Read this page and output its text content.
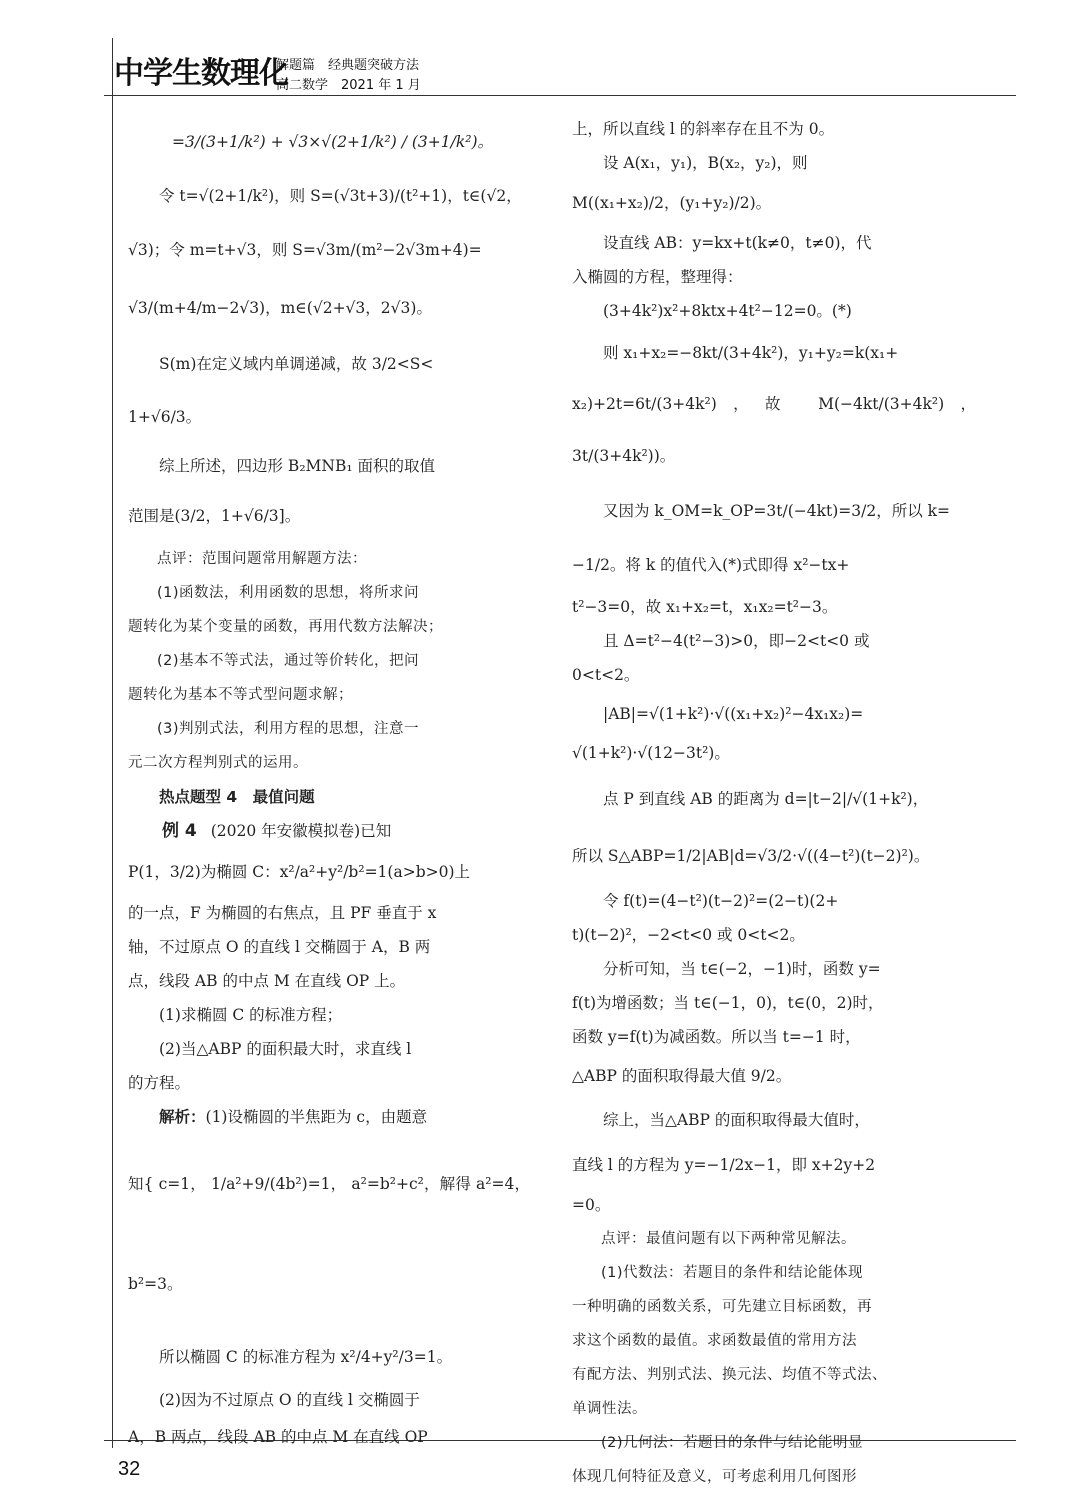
中学生数理化
解题篇　经典题突破方法
高二数学　2021 年 1 月

=3/(3+1/k²) + √3×√(2+1/k²) / (3+1/k²)。

令 t=√(2+1/k²)，则 S=(√3t+3)/(t²+1)，t∈(√2，

√3)；令 m=t+√3，则 S=√3m/(m²−2√3m+4)=

√3/(m+4/m−2√3)，m∈(√2+√3，2√3)。

S(m)在定义域内单调递减，故 3/2<S<

1+√6/3。

综上所述，四边形 B₂MNB₁ 面积的取值

范围是(3/2，1+√6/3]。

点评：范围问题常用解题方法：

(1)函数法，利用函数的思想，将所求问

题转化为某个变量的函数，再用代数方法解决；

(2)基本不等式法，通过等价转化，把问

题转化为基本不等式型问题求解；

(3)判别式法，利用方程的思想，注意一

元二次方程判别式的运用。

热点题型 4　最值问题

例 4 (2020 年安徽模拟卷)已知

P(1，3/2)为椭圆 C：x²/a²+y²/b²=1(a>b>0)上

的一点，F 为椭圆的右焦点，且 PF 垂直于 x

轴，不过原点 O 的直线 l 交椭圆于 A，B 两

点，线段 AB 的中点 M 在直线 OP 上。

(1)求椭圆 C 的标准方程；

(2)当△ABP 的面积最大时，求直线 l

的方程。

解析：(1)设椭圆的半焦距为 c，由题意

知{ c=1， 1/a²+9/(4b²)=1， a²=b²+c²，解得 a²=4，b²=3。

所以椭圆 C 的标准方程为 x²/4+y²/3=1。

(2)因为不过原点 O 的直线 l 交椭圆于

A，B 两点，线段 AB 的中点 M 在直线 OP

上，所以直线 l 的斜率存在且不为 0。

设 A(x₁，y₁)，B(x₂，y₂)，则

M((x₁+x₂)/2，(y₁+y₂)/2)。

设直线 AB：y=kx+t(k≠0，t≠0)，代

入椭圆的方程，整理得：

(3+4k²)x²+8ktx+4t²−12=0。(*)

则 x₁+x₂=−8kt/(3+4k²)，y₁+y₂=k(x₁+

x₂)+2t=6t/(3+4k²)，故 M(−4kt/(3+4k²)，3t/(3+4k²))。

又因为 k_OM=k_OP=3t/(−4kt)=3/2，所以 k=

−1/2。将 k 的值代入(*)式即得 x²−tx+

t²−3=0，故 x₁+x₂=t，x₁x₂=t²−3。

且 Δ=t²−4(t²−3)>0，即−2<t<0 或

0<t<2。

|AB|=√(1+k²)·√((x₁+x₂)²−4x₁x₂)=

√(1+k²)·√(12−3t²)。

点 P 到直线 AB 的距离为 d=|t−2|/√(1+k²)，

所以 S△ABP=1/2|AB|d=√3/2·√((4−t²)(t−2)²)。

令 f(t)=(4−t²)(t−2)²=(2−t)(2+

t)(t−2)²，−2<t<0 或 0<t<2。

分析可知，当 t∈(−2，−1)时，函数 y=

f(t)为增函数；当 t∈(−1，0)，t∈(0，2)时，

函数 y=f(t)为减函数。所以当 t=−1 时，

△ABP 的面积取得最大值 9/2。

综上，当△ABP 的面积取得最大值时，

直线 l 的方程为 y=−1/2x−1，即 x+2y+2

=0。

点评：最值问题有以下两种常见解法。

(1)代数法：若题目的条件和结论能体现

一种明确的函数关系，可先建立目标函数，再

求这个函数的最值。求函数最值的常用方法

有配方法、判别式法、换元法、均值不等式法、

单调性法。

(2)几何法：若题目的条件与结论能明显

体现几何特征及意义，可考虑利用几何图形

32
